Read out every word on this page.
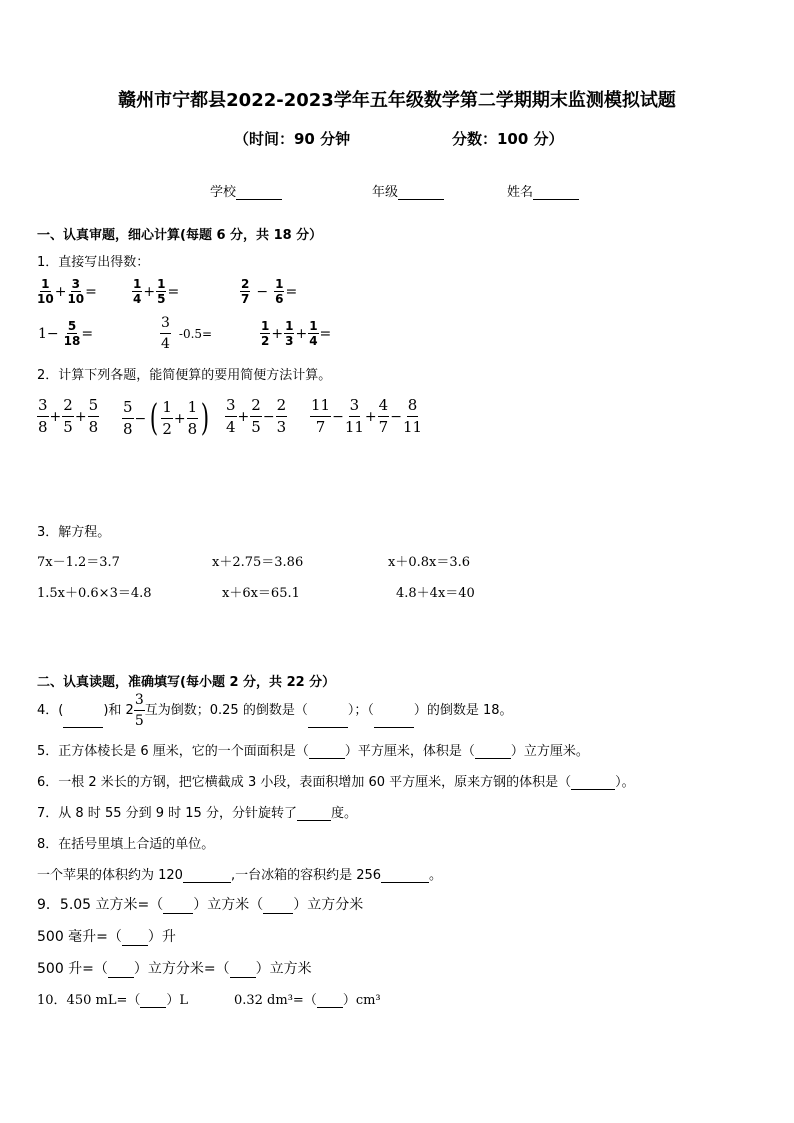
赣州市宁都县2022-2023学年五年级数学第二学期期末监测模拟试题
（时间：90 分钟	分数：100 分）
学校	年级	姓名
一、认真审题，细心计算(每题 6 分，共 18 分）
1．直接写出得数：
$\frac{1}{10} + \frac{3}{10}$ =	$\frac{1}{4} + \frac{1}{5}$ =	$\frac{2}{7} - \frac{1}{6}$ =
$1- \frac{5}{18}$ =	$\frac{3}{4} -0.5=$	$\frac{1}{2} + \frac{1}{3} + \frac{1}{4}$ =
2．计算下列各题，能简便算的要用简便方法计算。
$\frac{3}{8} + \frac{2}{5} + \frac{5}{8} \frac{5}{8}$ − ( $\frac{1}{2} + \frac{1}{8}$ ) $\frac{3}{4} + \frac{2}{5} - \frac{2}{3} \frac{11}{7} - \frac{3}{11} + \frac{4}{7} - \frac{8}{11}$
3．解方程。
7x－1.2＝3.7	x＋2.75＝3.86	x＋0.8x＝3.6
1.5x＋0.6×3＝4.8	x＋6x＝65.1	4.8＋4x＝40
二、认真读题，准确填写(每小题 2 分，共 22 分）
4．(	)和 $2 \frac{3}{5}$ 互为倒数；0.25 的倒数是（	）；（	）的倒数是 18。
5．正方体棱长是 6 厘米，它的一个面面积是（	）平方厘米，体积是（	）立方厘米。
6．一根 2 米长的方钢，把它横截成 3 小段，表面积增加 60 平方厘米，原来方钢的体积是（	）。
7．从 8 时 55 分到 9 时 15 分，分针旋转了	度。
8．在括号里填上合适的单位。
一个苹果的体积约为 120	,一台冰箱的容积约是 256	。
9．5.05 立方米=（ ）立方米（ ）立方分米
500 毫升=（ ）升
500 升=（ ）立方分米=（ ）立方米
10．450 mL=（ ）L	0.32 dm³=（ ）cm³
